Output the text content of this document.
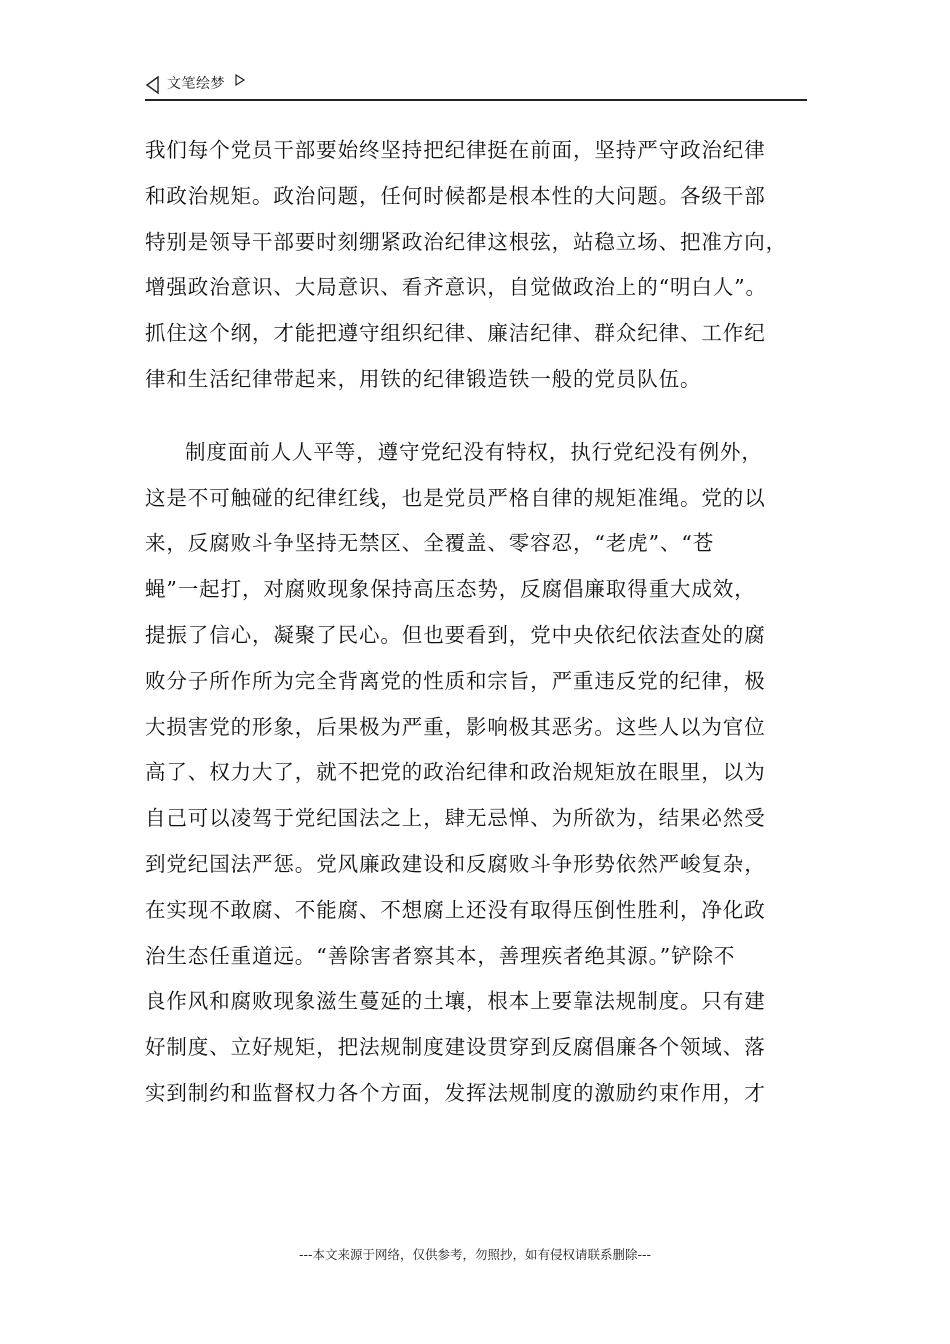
文笔绘梦
我们每个党员干部要始终坚持把纪律挺在前面，坚持严守政治纪律
和政治规矩。政治问题，任何时候都是根本性的大问题。各级干部
特别是领导干部要时刻绷紧政治纪律这根弦，站稳立场、把准方向，
增强政治意识、大局意识、看齐意识，自觉做政治上的“明白人”。
抓住这个纲，才能把遵守组织纪律、廉洁纪律、群众纪律、工作纪
律和生活纪律带起来，用铁的纪律锻造铁一般的党员队伍。
制度面前人人平等，遵守党纪没有特权，执行党纪没有例外，
这是不可触碰的纪律红线，也是党员严格自律的规矩准绳。党的以
来，反腐败斗争坚持无禁区、全覆盖、零容忍，“老虎”、“苍
蝇”一起打，对腐败现象保持高压态势，反腐倡廉取得重大成效，
提振了信心，凝聚了民心。但也要看到，党中央依纪依法查处的腐
败分子所作所为完全背离党的性质和宗旨，严重违反党的纪律，极
大损害党的形象，后果极为严重，影响极其恶劣。这些人以为官位
高了、权力大了，就不把党的政治纪律和政治规矩放在眼里，以为
自己可以凌驾于党纪国法之上，肆无忌惮、为所欲为，结果必然受
到党纪国法严惩。党风廉政建设和反腐败斗争形势依然严峻复杂，
在实现不敢腐、不能腐、不想腐上还没有取得压倒性胜利，净化政
治生态任重道远。“善除害者察其本，善理疾者绝其源。”铲除不
良作风和腐败现象滋生蔓延的土壤，根本上要靠法规制度。只有建
好制度、立好规矩，把法规制度建设贯穿到反腐倡廉各个领域、落
实到制约和监督权力各个方面，发挥法规制度的激励约束作用，才
---本文来源于网络，仅供参考，勿照抄，如有侵权请联系删除---
